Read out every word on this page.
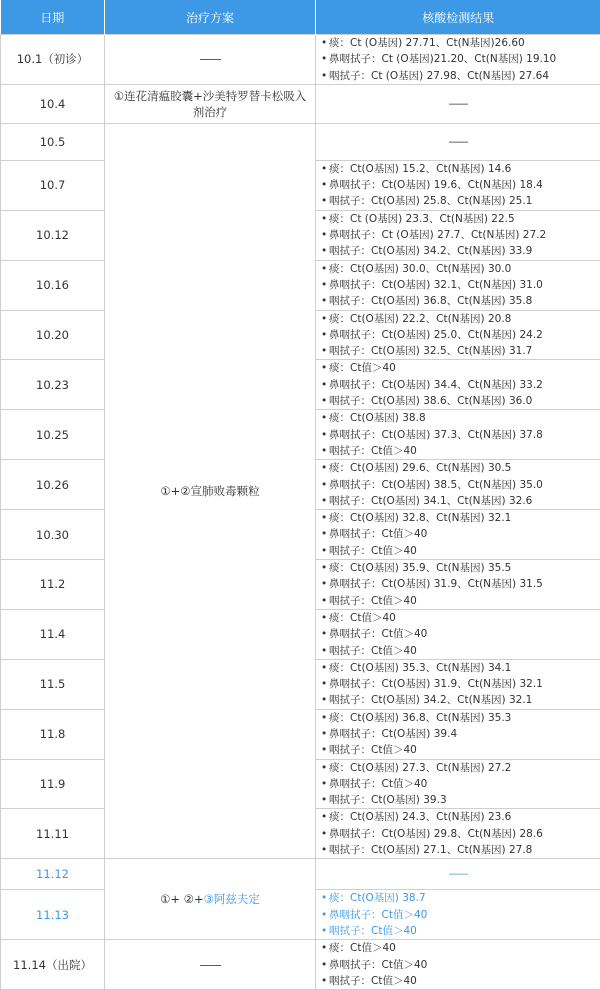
日期	治疗方案	核酸检测结果
10.1（初诊）	——	• 痰：Ct (O基因) 27.71、Ct(N基因)26.60
• 鼻咽拭子：Ct (O基因)21.20、Ct(N基因) 19.10
• 咽拭子：Ct (O基因) 27.98、Ct(N基因) 27.64

10.4	①连花清瘟胶囊+沙美特罗替卡松吸入剂治疗	——
10.5	①+②宣肺败毒颗粒	——
10.7		• 痰：Ct(O基因) 15.2、Ct(N基因) 14.6
• 鼻咽拭子：Ct(O基因) 19.6、Ct(N基因) 18.4
• 咽拭子：Ct(O基因) 25.8、Ct(N基因) 25.1

10.12		• 痰：Ct (O基因) 23.3、Ct(N基因) 22.5
• 鼻咽拭子：Ct (O基因) 27.7、Ct(N基因) 27.2
• 咽拭子：Ct(O基因) 34.2、Ct(N基因) 33.9

10.16		• 痰：Ct(O基因) 30.0、Ct(N基因) 30.0
• 鼻咽拭子：Ct(O基因) 32.1、Ct(N基因) 31.0
• 咽拭子：Ct(O基因) 36.8、Ct(N基因) 35.8

10.20		• 痰：Ct(O基因) 22.2、Ct(N基因) 20.8
• 鼻咽拭子：Ct(O基因) 25.0、Ct(N基因) 24.2
• 咽拭子：Ct(O基因) 32.5、Ct(N基因) 31.7

10.23		• 痰：Ct值＞40
• 鼻咽拭子：Ct(O基因) 34.4、Ct(N基因) 33.2
• 咽拭子：Ct(O基因) 38.6、Ct(N基因) 36.0

10.25		• 痰：Ct(O基因) 38.8
• 鼻咽拭子：Ct(O基因) 37.3、Ct(N基因) 37.8
• 咽拭子：Ct值＞40

10.26		• 痰：Ct(O基因) 29.6、Ct(N基因) 30.5
• 鼻咽拭子：Ct(O基因) 38.5、Ct(N基因) 35.0
• 咽拭子：Ct(O基因) 34.1、Ct(N基因) 32.6

10.30		• 痰：Ct(O基因) 32.8、Ct(N基因) 32.1
• 鼻咽拭子：Ct值＞40
• 咽拭子：Ct值＞40

11.2		• 痰：Ct(O基因) 35.9、Ct(N基因) 35.5
• 鼻咽拭子：Ct(O基因) 31.9、Ct(N基因) 31.5
• 咽拭子：Ct值＞40

11.4		• 痰：Ct值＞40
• 鼻咽拭子：Ct值＞40
• 咽拭子：Ct值＞40

11.5		• 痰：Ct(O基因) 35.3、Ct(N基因) 34.1
• 鼻咽拭子：Ct(O基因) 31.9、Ct(N基因) 32.1
• 咽拭子：Ct(O基因) 34.2、Ct(N基因) 32.1

11.8		• 痰：Ct(O基因) 36.8、Ct(N基因) 35.3
• 鼻咽拭子：Ct(O基因) 39.4
• 咽拭子：Ct值＞40

11.9		• 痰：Ct(O基因) 27.3、Ct(N基因) 27.2
• 鼻咽拭子：Ct值＞40
• 咽拭子：Ct(O基因) 39.3

11.11		• 痰：Ct(O基因) 24.3、Ct(N基因) 23.6
• 鼻咽拭子：Ct(O基因) 29.8、Ct(N基因) 28.6
• 咽拭子：Ct(O基因) 27.1、Ct(N基因) 27.8

11.12	①+ ②+③阿兹夫定	——
11.13		• 痰：Ct(O基因) 38.7
• 鼻咽拭子：Ct值＞40
• 咽拭子：Ct值＞40

11.14（出院）	——	• 痰：Ct值＞40
• 鼻咽拭子：Ct值＞40
• 咽拭子：Ct值＞40
